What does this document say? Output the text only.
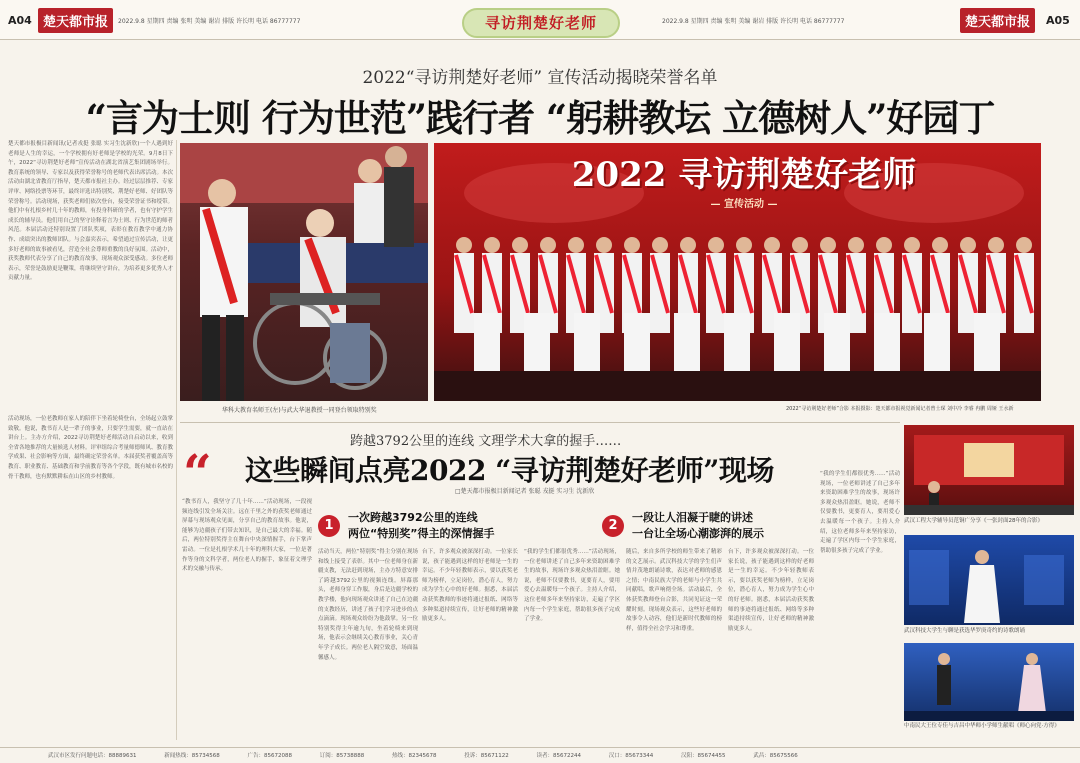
A04 楚天都市报	2022.9.8 星期四 责编 张明 美编 谢岩 排版 许长明 电话 86777777	寻访荆楚好老师	2022.9.8 星期四 责编 张明 美编 谢岩 排版 许长明 电话 86777777	楚天都市报	A05
2022“寻访荆楚好老师” 宣传活动揭晓荣誉名单
“言为士则 行为世范”践行者 “躬耕教坛 立德树人”好园丁
楚天都市报极目新闻讯(记者戎挺 张聪 实习生沈新欣)一个人遇到好老师是人生的幸运，一个学校拥有好老师是学校的光荣。9月8日下午，2022“寻访荆楚好老师”宣传活动在湖北省演艺集团剧场举行。教育系统的领导、专家以及获得荣誉称号的老师代表出席活动。本次活动由湖北省教育厅指导，楚天都市报社主办。经过层层推荐、专家评审、网络投票等环节，最终评选出特别奖、荆楚好老师、好团队等荣誉称号。活动现场，获奖老师们依次登台，接受荣誉证书和绶带。他们中有扎根乡村几十年的教师，有投身科研的学者，也有守护学生成长的辅导员。他们用自己的坚守诠释着言为士则、行为世范的师者风范。本届活动还特别设置了团队奖项，表彰在教育教学中通力协作、成绩突出的教师团队。与会嘉宾表示，希望通过宣传活动，让更多好老师的故事被看见，营造全社会尊师重教的良好氛围。活动中，获奖教师代表分享了自己的教育故事，现场观众深受感动。多位老师表示，荣誉是鼓励更是鞭策，将继续坚守讲台，为培养更多优秀人才贡献力量。
华科大教育名师王(左)与武大华退教授一同登台领取特别奖
2022 寻访荆楚好老师
— 宣传活动 —
2022“寻访荆楚好老师”合影 本报摄影：楚天都市报视觉新闻记者曾士琛 刘中冷 李睿 冉鹏 周娅 王水新
活动现场，一位老教师在家人的陪伴下坐着轮椅登台，全场起立鼓掌致敬。他说，教书育人是一辈子的事业，只要学生需要，就一直站在讲台上。主办方介绍，2022寻访荆楚好老师活动自启动以来，收到全省各地推荐的大量候选人材料。评审组综合考量师德师风、教育教学成果、社会影响等方面，最终确定荣誉名单。本届获奖者覆盖高等教育、职业教育、基础教育和学前教育等各个学段，既有城市名校的骨干教师，也有默默耕耘在山区的乡村教师。
跨越3792公里的连线 文理学术大拿的握手……
“ 这些瞬间点亮2022 “寻访荆楚好老师”现场
□楚天都市报极目新闻记者 张聪 戎挺 实习生 沈新欣
“教书育人，我坚守了几十年……”活动现场，一段视频连线引发全场关注。远在千里之外的获奖老师通过屏幕与现场观众见面，分享自己的教育故事。他说，能够为边疆孩子们带去知识，是自己最大的幸福。随后，两位特别奖得主在舞台中央深情握手，台下掌声雷动。一位是扎根学术几十年的理科大家，一位是著作等身的文科学者，两位老人的握手，象征着文理学术的交融与传承。
1
一次跨越3792公里的连线
两位“特别奖”得主的深情握手
活动当天，两位“特别奖”得主分别在现场和线上接受了表彰。其中一位老师身在新疆支教，无法赶到现场，主办方特意安排了跨越3792公里的视频连线。屏幕那头，老师身穿工作服，身后是边疆学校的教学楼，他向现场观众讲述了自己在边疆的支教经历，讲述了孩子们学习进步的点点滴滴。现场观众纷纷为他鼓掌。另一位特别奖得主年逾九旬，坐着轮椅来到现场，他表示会继续关心教育事业，关心青年学子成长。两位老人隔空致意，场面温馨感人。
台下，许多观众被深深打动。一位家长说，孩子能遇到这样的好老师是一生的幸运。不少年轻教师表示，要以获奖老师为榜样，立足岗位，潜心育人，努力成为学生心中的好老师。据悉，本届活动获奖教师的事迹将通过报纸、网络等多种渠道持续宣传，让好老师的精神激励更多人。
2
一段让人泪凝于睫的讲述
一台让全场心潮澎湃的展示
“我的学生们都很优秀……”活动现场，一位老师讲述了自己多年来资助困难学生的故事，现场许多观众热泪盈眶。她说，老师不仅要教书，更要育人，要用爱心去温暖每一个孩子。主持人介绍，这位老师多年来坚持家访，走遍了学区内每一个学生家庭，帮助很多孩子完成了学业。
随后，来自多所学校的师生带来了精彩的文艺展示。武汉科技大学的学生们声情并茂地朗诵诗歌，表达对老师的感恩之情；中南民族大学的老师与小学生共同献唱，歌声响彻全场。活动最后，全体获奖教师登台合影，共同见证这一荣耀时刻。现场观众表示，这些好老师的故事令人动容，他们是新时代教师的榜样，值得全社会学习和尊重。
台下，许多观众被深深打动。一位家长说，孩子能遇到这样的好老师是一生的幸运。不少年轻教师表示，要以获奖老师为榜样，立足岗位，潜心育人，努力成为学生心中的好老师。据悉，本届活动获奖教师的事迹将通过报纸、网络等多种渠道持续宣传，让好老师的精神激励更多人。
“我的学生们都很优秀……”活动现场，一位老师讲述了自己多年来资助困难学生的故事，现场许多观众热泪盈眶。她说，老师不仅要教书，更要育人，要用爱心去温暖每一个孩子。主持人介绍，这位老师多年来坚持家访，走遍了学区内每一个学生家庭，帮助很多孩子完成了学业。
武汉工程大学辅导员范铜广分享《一张封面28年的合影》
武汉科技大学生与聊是获选华罗庚奇约的诗歌朗诵
中南民大王位专佳与吉昌中华师小学师生献唱《师心向党·方得》
武汉市区发行问题电话：88889631	新闻热线：85734568	广告：85672088	订阅：85738888	热线：82345678	投诉：85671122	读者：85672244	汉口：85673344	汉阳：85674455	武昌：85675566
